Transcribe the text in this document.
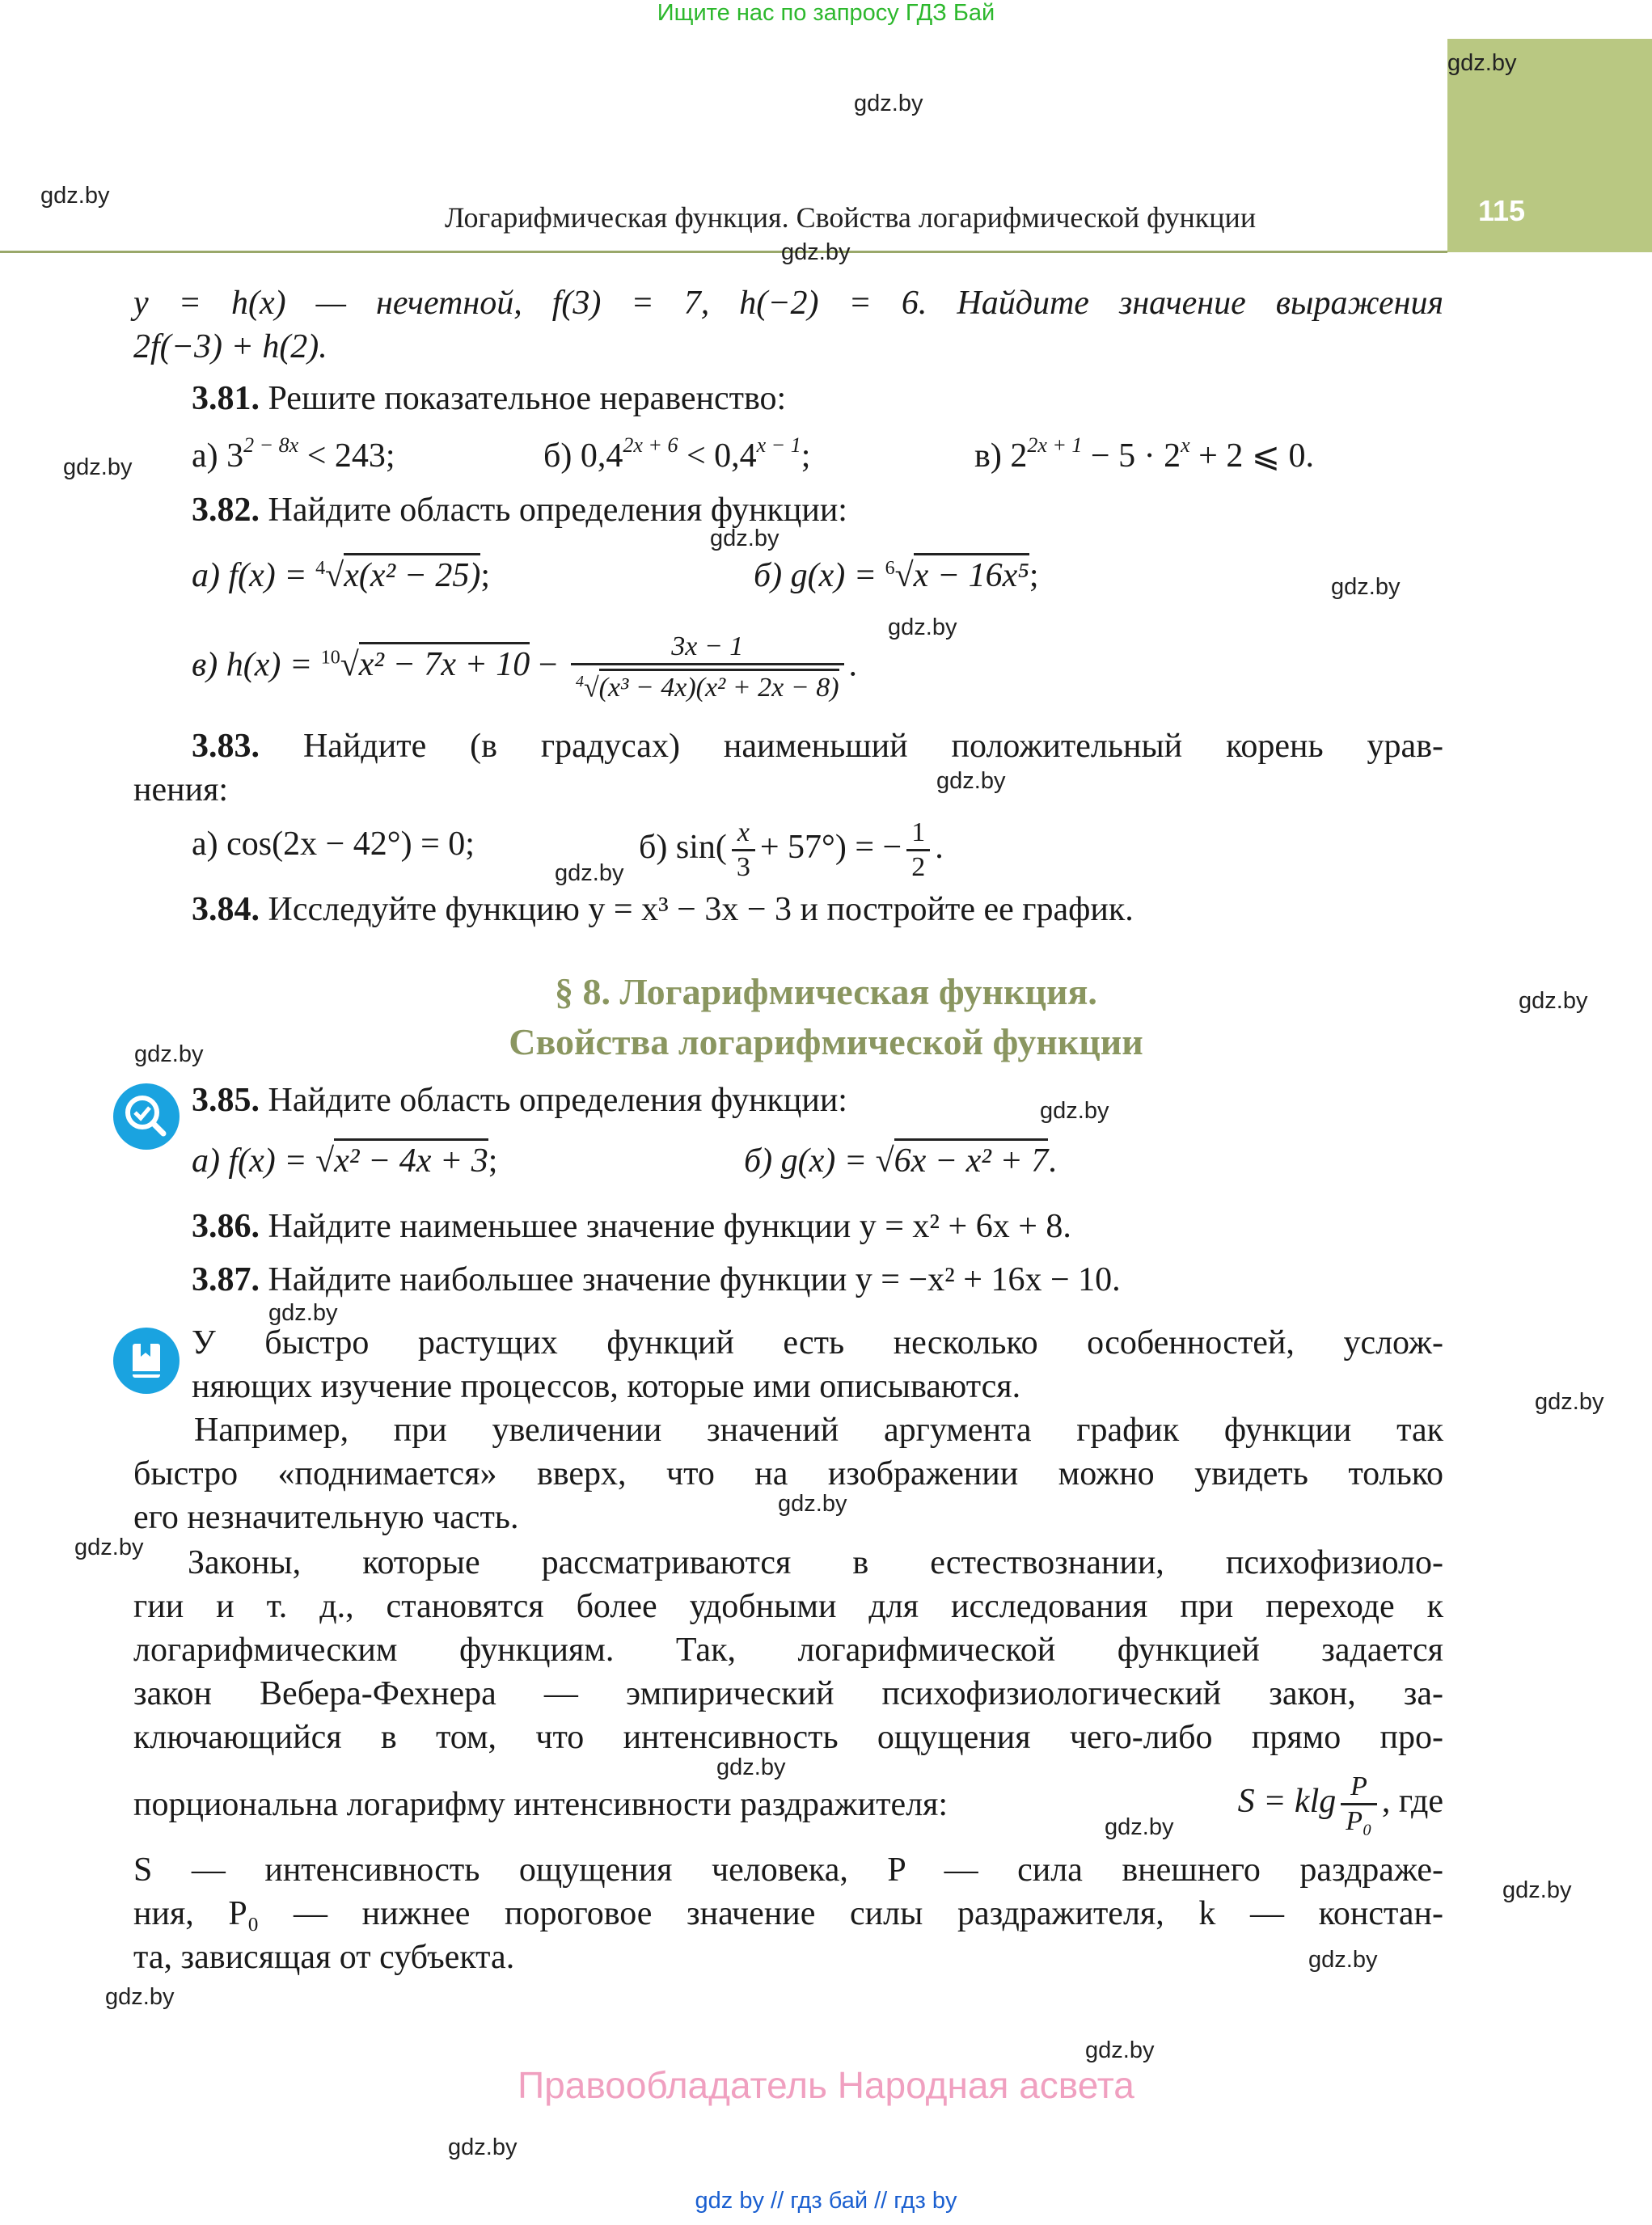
Ищите нас по запросу ГДЗ Бай
115
Логарифмическая функция. Свойства логарифмической функции
gdz.by
gdz.by
gdz.by
gdz.by
gdz.by
gdz.by
gdz.by
gdz.by
gdz.by
gdz.by
gdz.by
gdz.by
gdz.by
gdz.by
gdz.by
gdz.by
gdz.by
gdz.by
gdz.by
gdz.by
gdz.by
gdz.by
gdz.by
gdz.by
y = h(x) — нечетной, f(3) = 7, h(−2) = 6. Найдите значение выражения
2f(−3) + h(2).
3.81. Решите показательное неравенство:
а) $3^{2 - 8x} < 243$;	б) $0,4^{2x + 6} < 0,4^{x - 1}$;	в) $2^{2x + 1} - 5 \cdot 2^x + 2$ ⩽ 0.
3.82. Найдите область определения функции:
а) f(x) = $^4$√x(x² − 25);	б) g(x) = $^6$√x − 16x⁵;
в) $h(x) = ^{10}√x^2 - 7x + 10 - \frac{3x - 1}{^4√(x^3 - 4x)(x^2 + 2x - 8)}$ .
3.83. Найдите (в градусах) наименьший положительный корень урав-
нения:
а) cos(2x − 42°) = 0;	б) $\sin( \frac{x}{3} + 57^\circ)$ = − $\frac{1}{2}$ .
3.84. Исследуйте функцию y = x³ − 3x − 3 и постройте ее график.
§ 8. Логарифмическая функция.
Свойства логарифмической функции
3.85. Найдите область определения функции:
а) f(x) = √x² − 4x + 3;	б) g(x) = √6x − x² + 7.
3.86. Найдите наименьшее значение функции y = x² + 6x + 8.
3.87. Найдите наибольшее значение функции y = −x² + 16x − 10.
У быстро растущих функций есть несколько особенностей, услож-
няющих изучение процессов, которые ими описываются.
Например, при увеличении значений аргумента график функции так
быстро «поднимается» вверх, что на изображении можно увидеть только
его незначительную часть.
Законы, которые рассматриваются в естествознании, психофизиоло-
гии и т. д., становятся более удобными для исследования при переходе к
логарифмическим функциям. Так, логарифмической функцией задается
закон Вебера-Фехнера — эмпирический психофизиологический закон, за-
ключающийся в том, что интенсивность ощущения чего-либо прямо про-
порциональна логарифму интенсивности раздражителя:	S = klg $\frac{P}{\text{P₀}}$ , где
S — интенсивность ощущения человека, P — сила внешнего раздраже-
ния, P₀ — нижнее пороговое значение силы раздражителя, k — констан-
та, зависящая от субъекта.
Правообладатель Народная асвета
gdz by // гдз бай // гдз by
